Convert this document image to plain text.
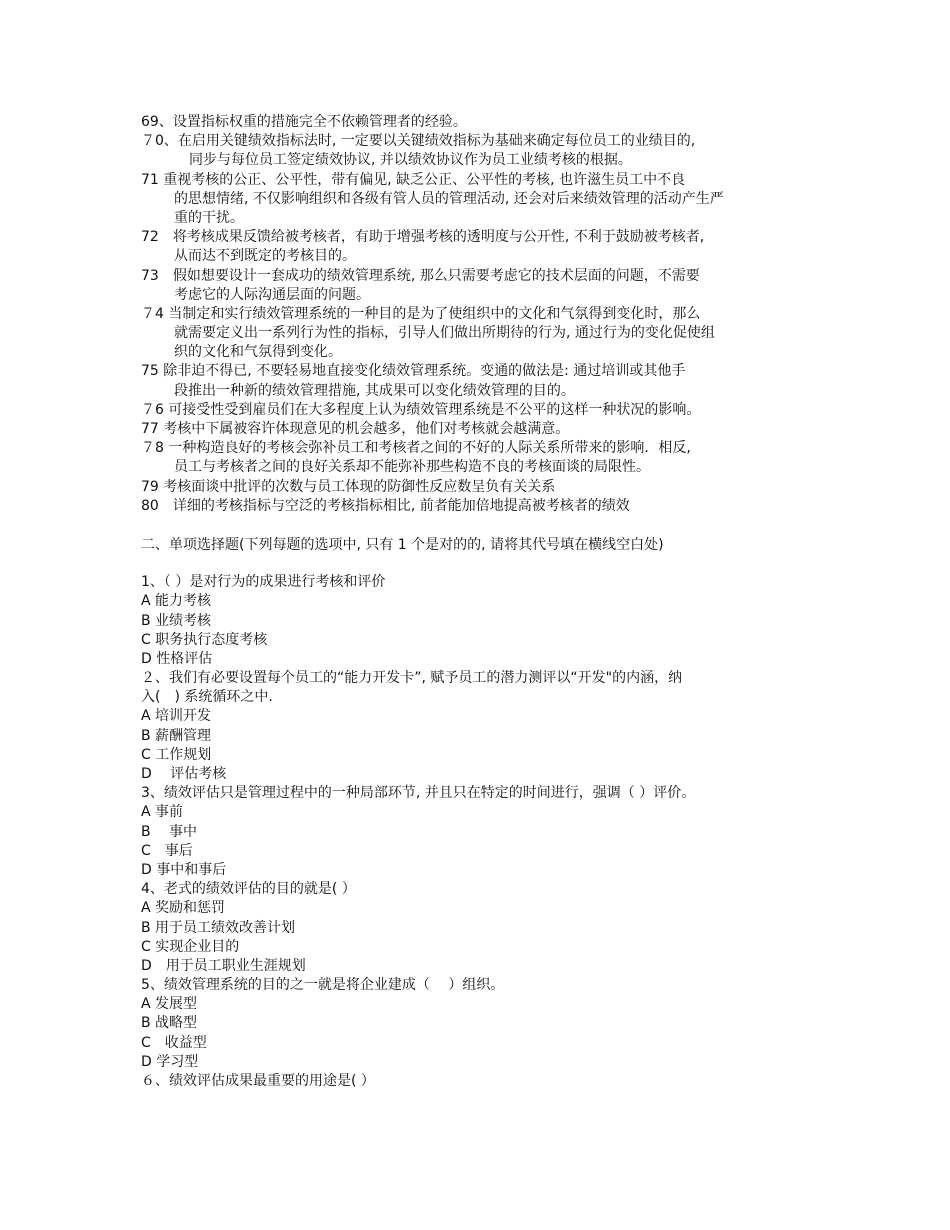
69、设置指标权重的措施完全不依赖管理者的经验。
７0、在启用关键绩效指标法时, 一定要以关键绩效指标为基础来确定每位员工的业绩目的,
同步与每位员工签定绩效协议, 并以绩效协议作为员工业绩考核的根据。
71 重视考核的公正、公平性，带有偏见, 缺乏公正、公平性的考核, 也许滋生员工中不良
的思想情绪, 不仅影响组织和各级有管人员的管理活动, 还会对后来绩效管理的活动产生严
重的干扰。
72　将考核成果反馈给被考核者，有助于增强考核的透明度与公开性, 不利于鼓励被考核者,
从而达不到既定的考核目的。
73　假如想要设计一套成功的绩效管理系统, 那么只需要考虑它的技术层面的问题，不需要
考虑它的人际沟通层面的问题。
７4 当制定和实行绩效管理系统的一种目的是为了使组织中的文化和气氛得到变化时，那么
就需要定义出一系列行为性的指标，引导人们做出所期待的行为, 通过行为的变化促使组
织的文化和气氛得到变化。
75 除非迫不得已, 不要轻易地直接变化绩效管理系统。变通的做法是: 通过培训或其他手
段推出一种新的绩效管理措施, 其成果可以变化绩效管理的目的。
７6 可接受性受到雇员们在大多程度上认为绩效管理系统是不公平的这样一种状况的影响。
77 考核中下属被容许体现意见的机会越多，他们对考核就会越满意。
７8 一种构造良好的考核会弥补员工和考核者之间的不好的人际关系所带来的影响．相反,
员工与考核者之间的良好关系却不能弥补那些构造不良的考核面谈的局限性。
79 考核面谈中批评的次数与员工体现的防御性反应数呈负有关关系
80　详细的考核指标与空泛的考核指标相比, 前者能加倍地提高被考核者的绩效
二、单项选择题(下列每题的选项中, 只有 1 个是对的的, 请将其代号填在横线空白处)
1、（ ）是对行为的成果进行考核和评价
A 能力考核
B 业绩考核
C 职务执行态度考核
D 性格评估
２、我们有必要设置每个员工的“能力开发卡”, 赋予员工的潜力测评以“开发"的内涵，纳
入(　) 系统循环之中.
A 培训开发
B 薪酬管理
C 工作规划
D　 评估考核
3、绩效评估只是管理过程中的一种局部环节, 并且只在特定的时间进行，强调（ ）评价。
A 事前
B　 事中
C　事后
D 事中和事后
4、老式的绩效评估的目的就是( ）
A 奖励和惩罚
B 用于员工绩效改善计划
C 实现企业目的
D　用于员工职业生涯规划
5、绩效管理系统的目的之一就是将企业建成（　 ）组织。
A 发展型
B 战略型
C　收益型
D 学习型
６、绩效评估成果最重要的用途是( ）
